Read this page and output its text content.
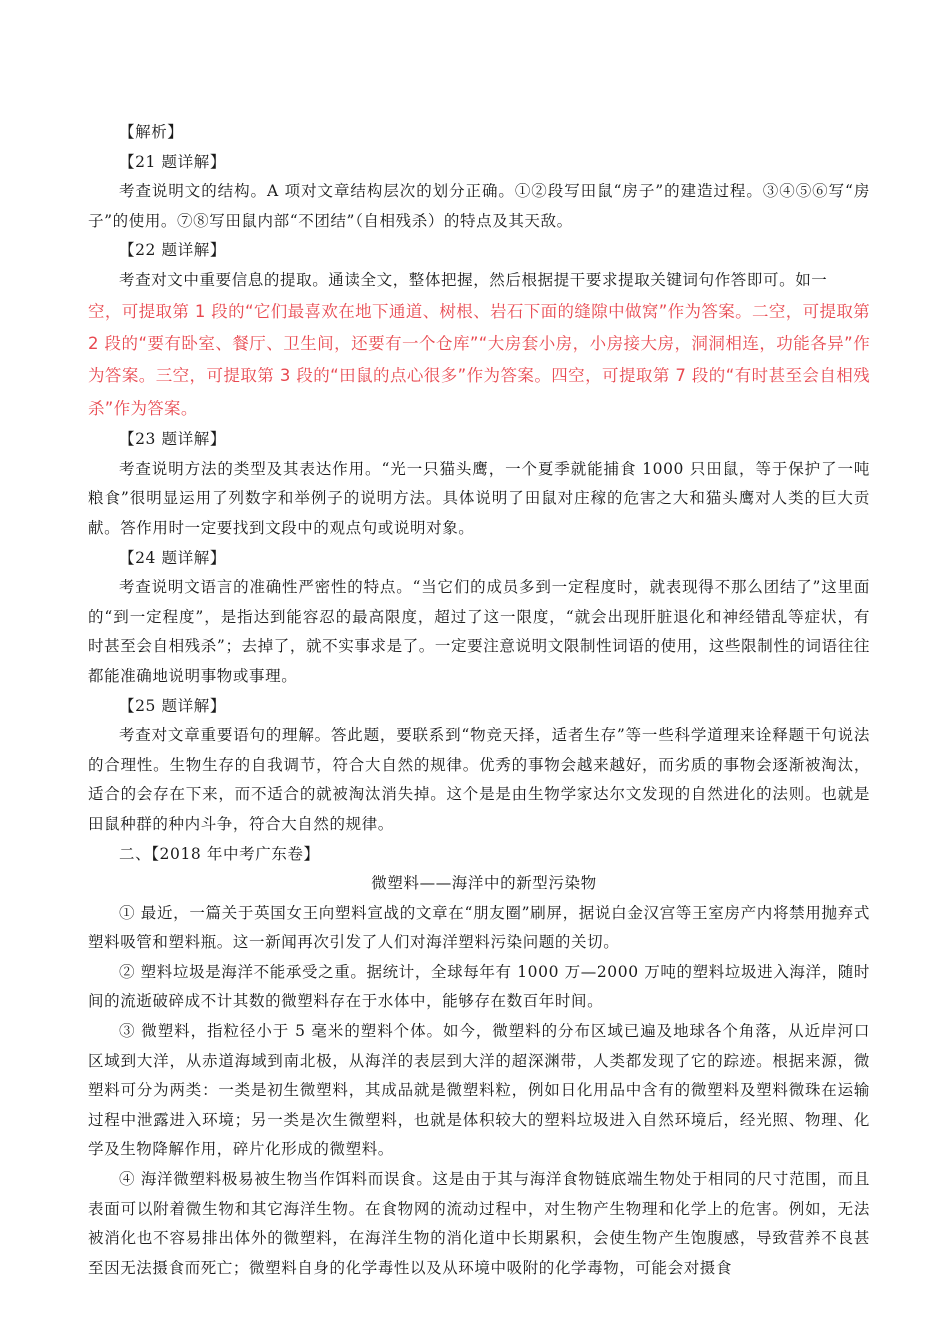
【解析】

【21 题详解】

考查说明文的结构。A 项对文章结构层次的划分正确。①②段写田鼠“房子”的建造过程。③④⑤⑥写“房子”的使用。⑦⑧写田鼠内部“不团结”（自相残杀）的特点及其天敌。

【22 题详解】

考查对文中重要信息的提取。通读全文，整体把握，然后根据提干要求提取关键词句作答即可。如一

空，可提取第 1 段的“它们最喜欢在地下通道、树根、岩石下面的缝隙中做窝”作为答案。二空，可提取第 2 段的“要有卧室、餐厅、卫生间，还要有一个仓库”“大房套小房，小房接大房，洞洞相连，功能各异”作为答案。三空，可提取第 3 段的“田鼠的点心很多”作为答案。四空，可提取第 7 段的“有时甚至会自相残杀”作为答案。

【23 题详解】

考查说明方法的类型及其表达作用。“光一只猫头鹰，一个夏季就能捕食 1000 只田鼠，等于保护了一吨粮食”很明显运用了列数字和举例子的说明方法。具体说明了田鼠对庄稼的危害之大和猫头鹰对人类的巨大贡献。答作用时一定要找到文段中的观点句或说明对象。

【24 题详解】

考查说明文语言的准确性严密性的特点。“当它们的成员多到一定程度时，就表现得不那么团结了”这里面的“到一定程度”，是指达到能容忍的最高限度，超过了这一限度，“就会出现肝脏退化和神经错乱等症状，有时甚至会自相残杀”；去掉了，就不实事求是了。一定要注意说明文限制性词语的使用，这些限制性的词语往往都能准确地说明事物或事理。

【25 题详解】

考查对文章重要语句的理解。答此题，要联系到“物竞天择，适者生存”等一些科学道理来诠释题干句说法的合理性。生物生存的自我调节，符合大自然的规律。优秀的事物会越来越好，而劣质的事物会逐渐被淘汰，适合的会存在下来，而不适合的就被淘汰消失掉。这个是是由生物学家达尔文发现的自然进化的法则。也就是田鼠种群的种内斗争，符合大自然的规律。

二、【2018 年中考广东卷】

微塑料——海洋中的新型污染物

① 最近，一篇关于英国女王向塑料宣战的文章在“朋友圈”刷屏，据说白金汉宫等王室房产内将禁用抛弃式塑料吸管和塑料瓶。这一新闻再次引发了人们对海洋塑料污染问题的关切。

② 塑料垃圾是海洋不能承受之重。据统计，全球每年有 1000 万—2000 万吨的塑料垃圾进入海洋，随时间的流逝破碎成不计其数的微塑料存在于水体中，能够存在数百年时间。

③ 微塑料，指粒径小于 5 毫米的塑料个体。如今，微塑料的分布区域已遍及地球各个角落，从近岸河口区域到大洋，从赤道海域到南北极，从海洋的表层到大洋的超深渊带，人类都发现了它的踪迹。根据来源，微塑料可分为两类：一类是初生微塑料，其成品就是微塑料粒，例如日化用品中含有的微塑料及塑料微珠在运输过程中泄露进入环境；另一类是次生微塑料，也就是体积较大的塑料垃圾进入自然环境后，经光照、物理、化学及生物降解作用，碎片化形成的微塑料。

④ 海洋微塑料极易被生物当作饵料而误食。这是由于其与海洋食物链底端生物处于相同的尺寸范围，而且表面可以附着微生物和其它海洋生物。在食物网的流动过程中，对生物产生物理和化学上的危害。例如，无法被消化也不容易排出体外的微塑料，在海洋生物的消化道中长期累积，会使生物产生饱腹感，导致营养不良甚至因无法摄食而死亡；微塑料自身的化学毒性以及从环境中吸附的化学毒物，可能会对摄食
